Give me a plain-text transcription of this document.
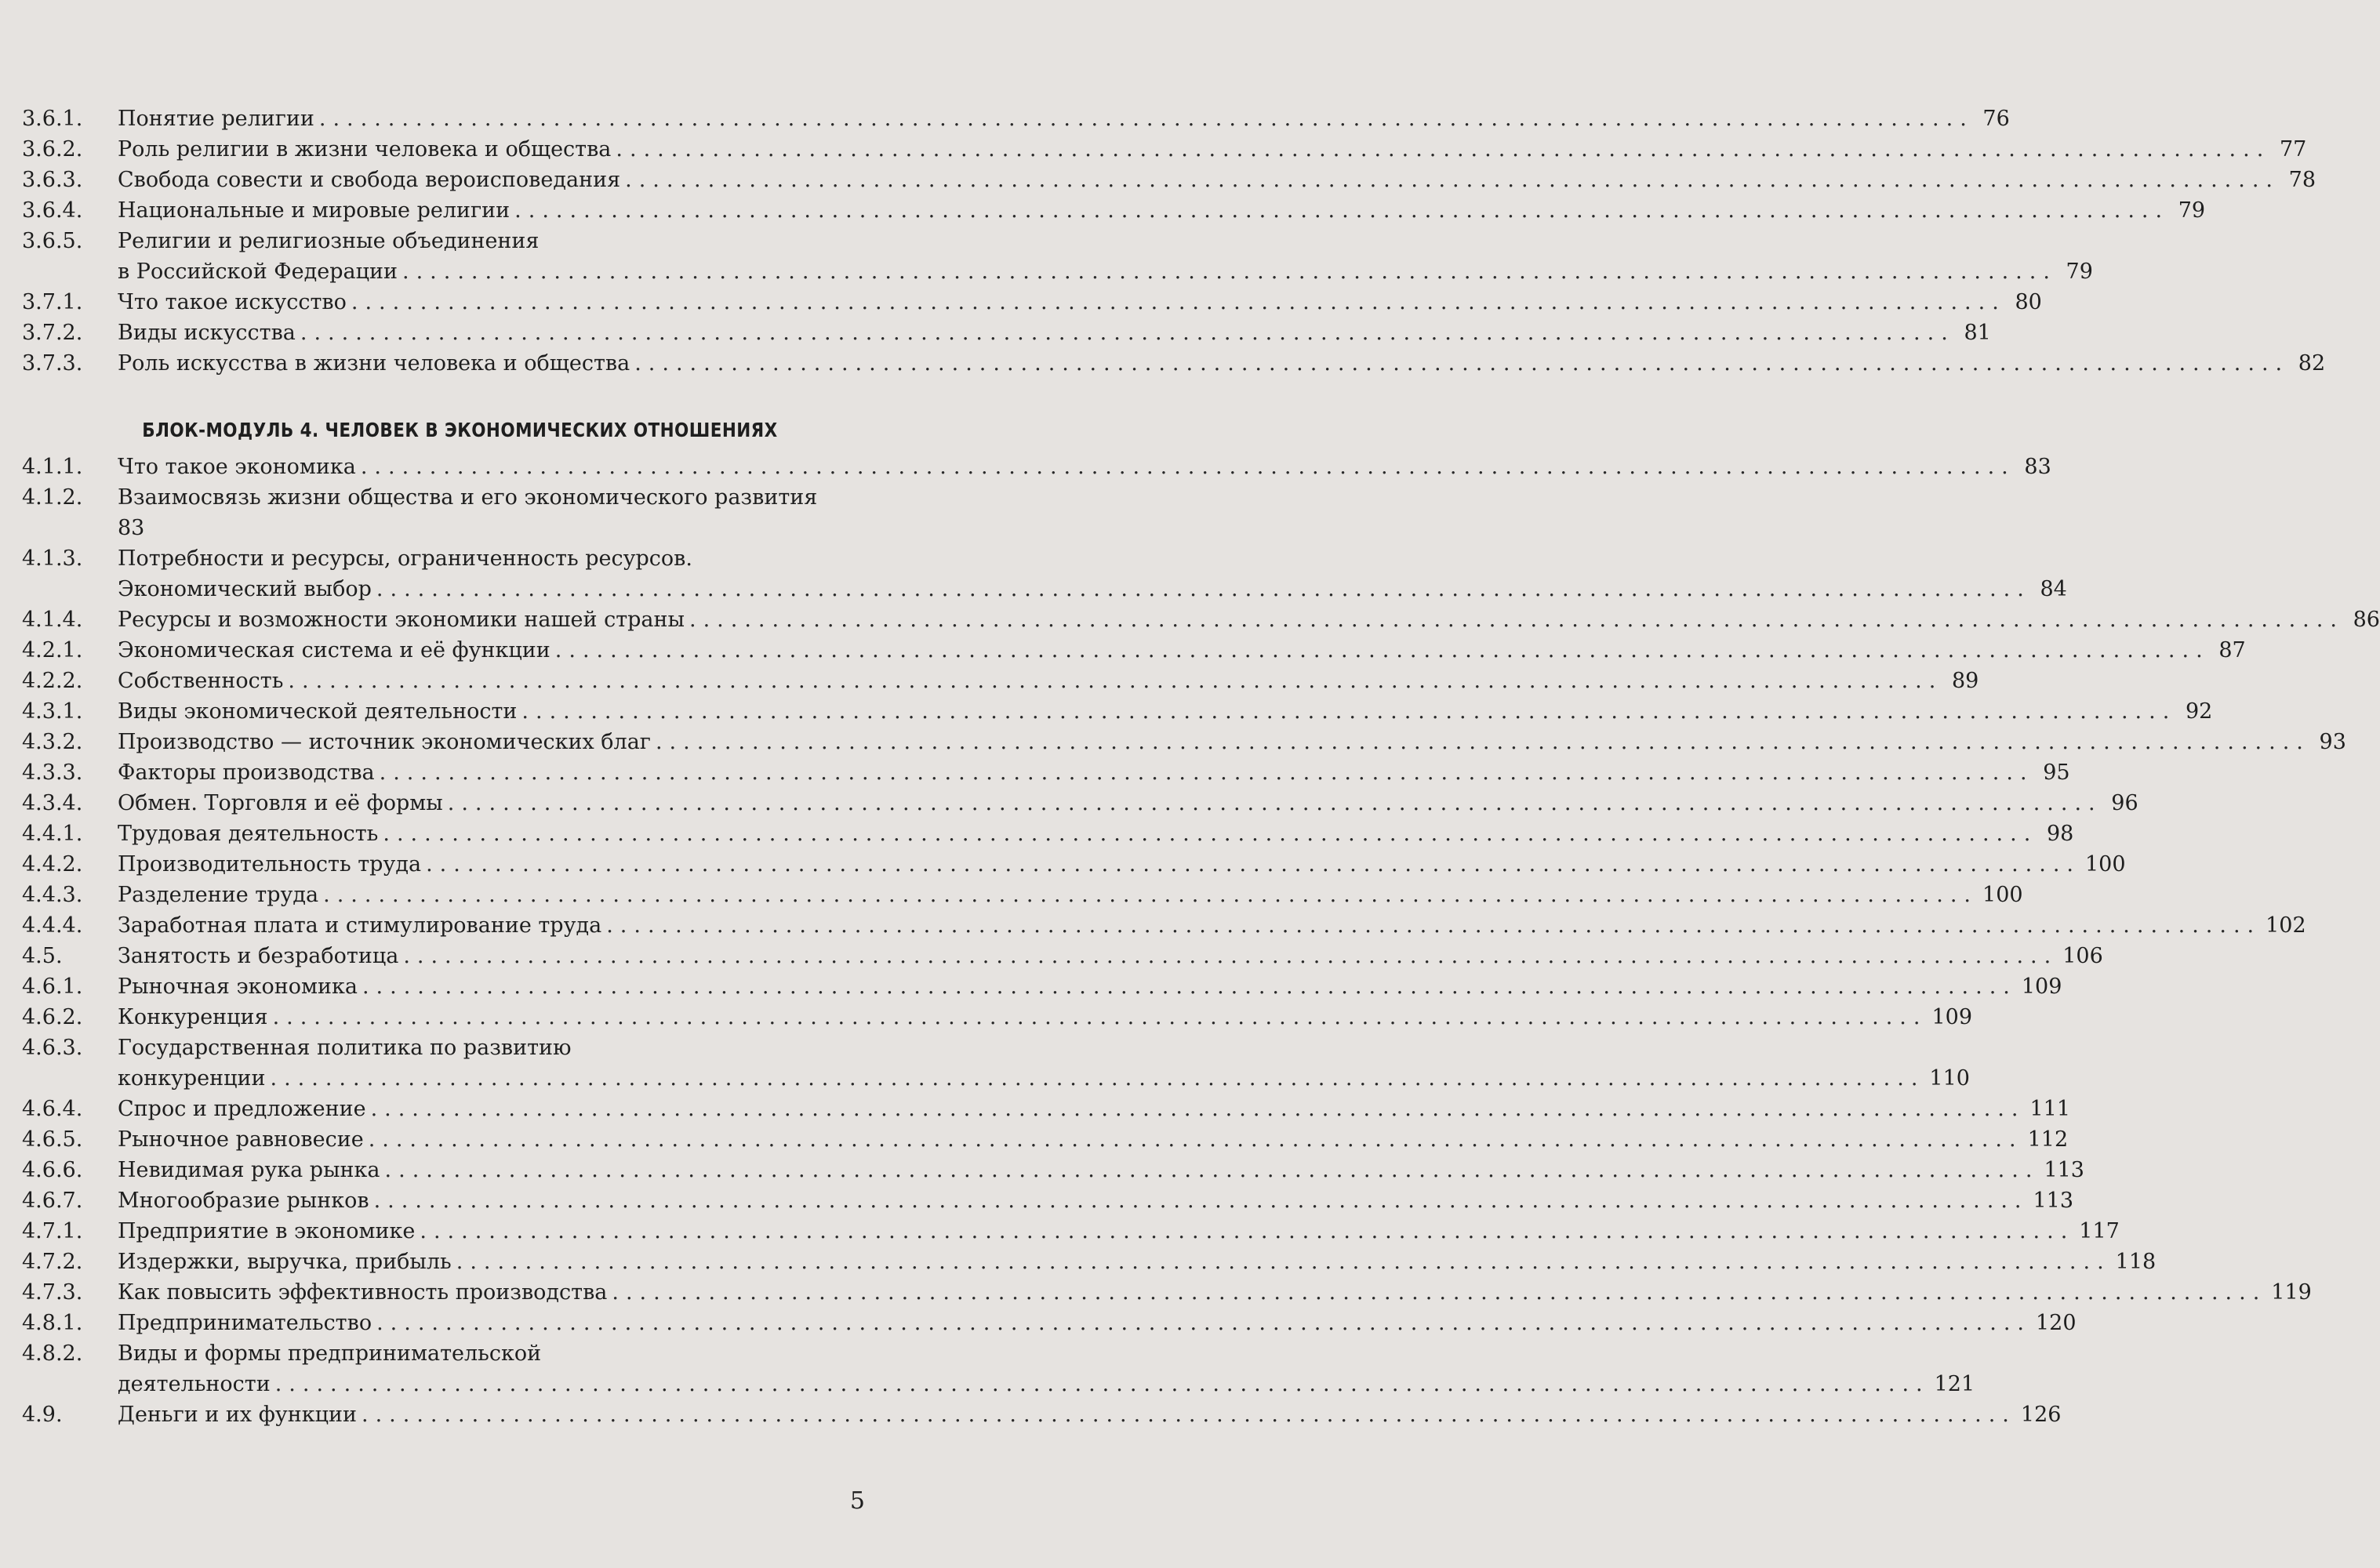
3.6.1. Понятие религии ........................................................................................................................ 76
3.6.2. Роль религии в жизни человека и общества ........................................................................................................................ 77
3.6.3. Свобода совести и свобода вероисповедания ........................................................................................................................ 78
3.6.4. Национальные и мировые религии ........................................................................................................................ 79
3.6.5. Религии и религиозные объединения
в Российской Федерации ........................................................................................................................ 79
3.7.1. Что такое искусство ........................................................................................................................ 80
3.7.2. Виды искусства ........................................................................................................................ 81
3.7.3. Роль искусства в жизни человека и общества ........................................................................................................................ 82
БЛОК-МОДУЛЬ 4. ЧЕЛОВЕК В ЭКОНОМИЧЕСКИХ ОТНОШЕНИЯХ
4.1.1. Что такое экономика ........................................................................................................................ 83
4.1.2. Взаимосвязь жизни общества и его экономического развития
83
4.1.3. Потребности и ресурсы, ограниченность ресурсов.
Экономический выбор ........................................................................................................................ 84
4.1.4. Ресурсы и возможности экономики нашей страны ........................................................................................................................ 86
4.2.1. Экономическая система и её функции ........................................................................................................................ 87
4.2.2. Собственность ........................................................................................................................ 89
4.3.1. Виды экономической деятельности ........................................................................................................................ 92
4.3.2. Производство — источник экономических благ ........................................................................................................................ 93
4.3.3. Факторы производства ........................................................................................................................ 95
4.3.4. Обмен. Торговля и её формы ........................................................................................................................ 96
4.4.1. Трудовая деятельность ........................................................................................................................ 98
4.4.2. Производительность труда ........................................................................................................................ 100
4.4.3. Разделение труда ........................................................................................................................ 100
4.4.4. Заработная плата и стимулирование труда ........................................................................................................................ 102
4.5.	Занятость и безработица ........................................................................................................................ 106
4.6.1. Рыночная экономика ........................................................................................................................ 109
4.6.2. Конкуренция ........................................................................................................................ 109
4.6.3. Государственная политика по развитию
конкуренции ........................................................................................................................ 110
4.6.4. Спрос и предложение ........................................................................................................................ 111
4.6.5. Рыночное равновесие ........................................................................................................................ 112
4.6.6. Невидимая рука рынка ........................................................................................................................ 113
4.6.7. Многообразие рынков ........................................................................................................................ 113
4.7.1. Предприятие в экономике ........................................................................................................................ 117
4.7.2. Издержки, выручка, прибыль ........................................................................................................................ 118
4.7.3. Как повысить эффективность производства ........................................................................................................................ 119
4.8.1. Предпринимательство ........................................................................................................................ 120
4.8.2. Виды и формы предпринимательской
деятельности ........................................................................................................................ 121
4.9.	Деньги и их функции ........................................................................................................................ 126
5
